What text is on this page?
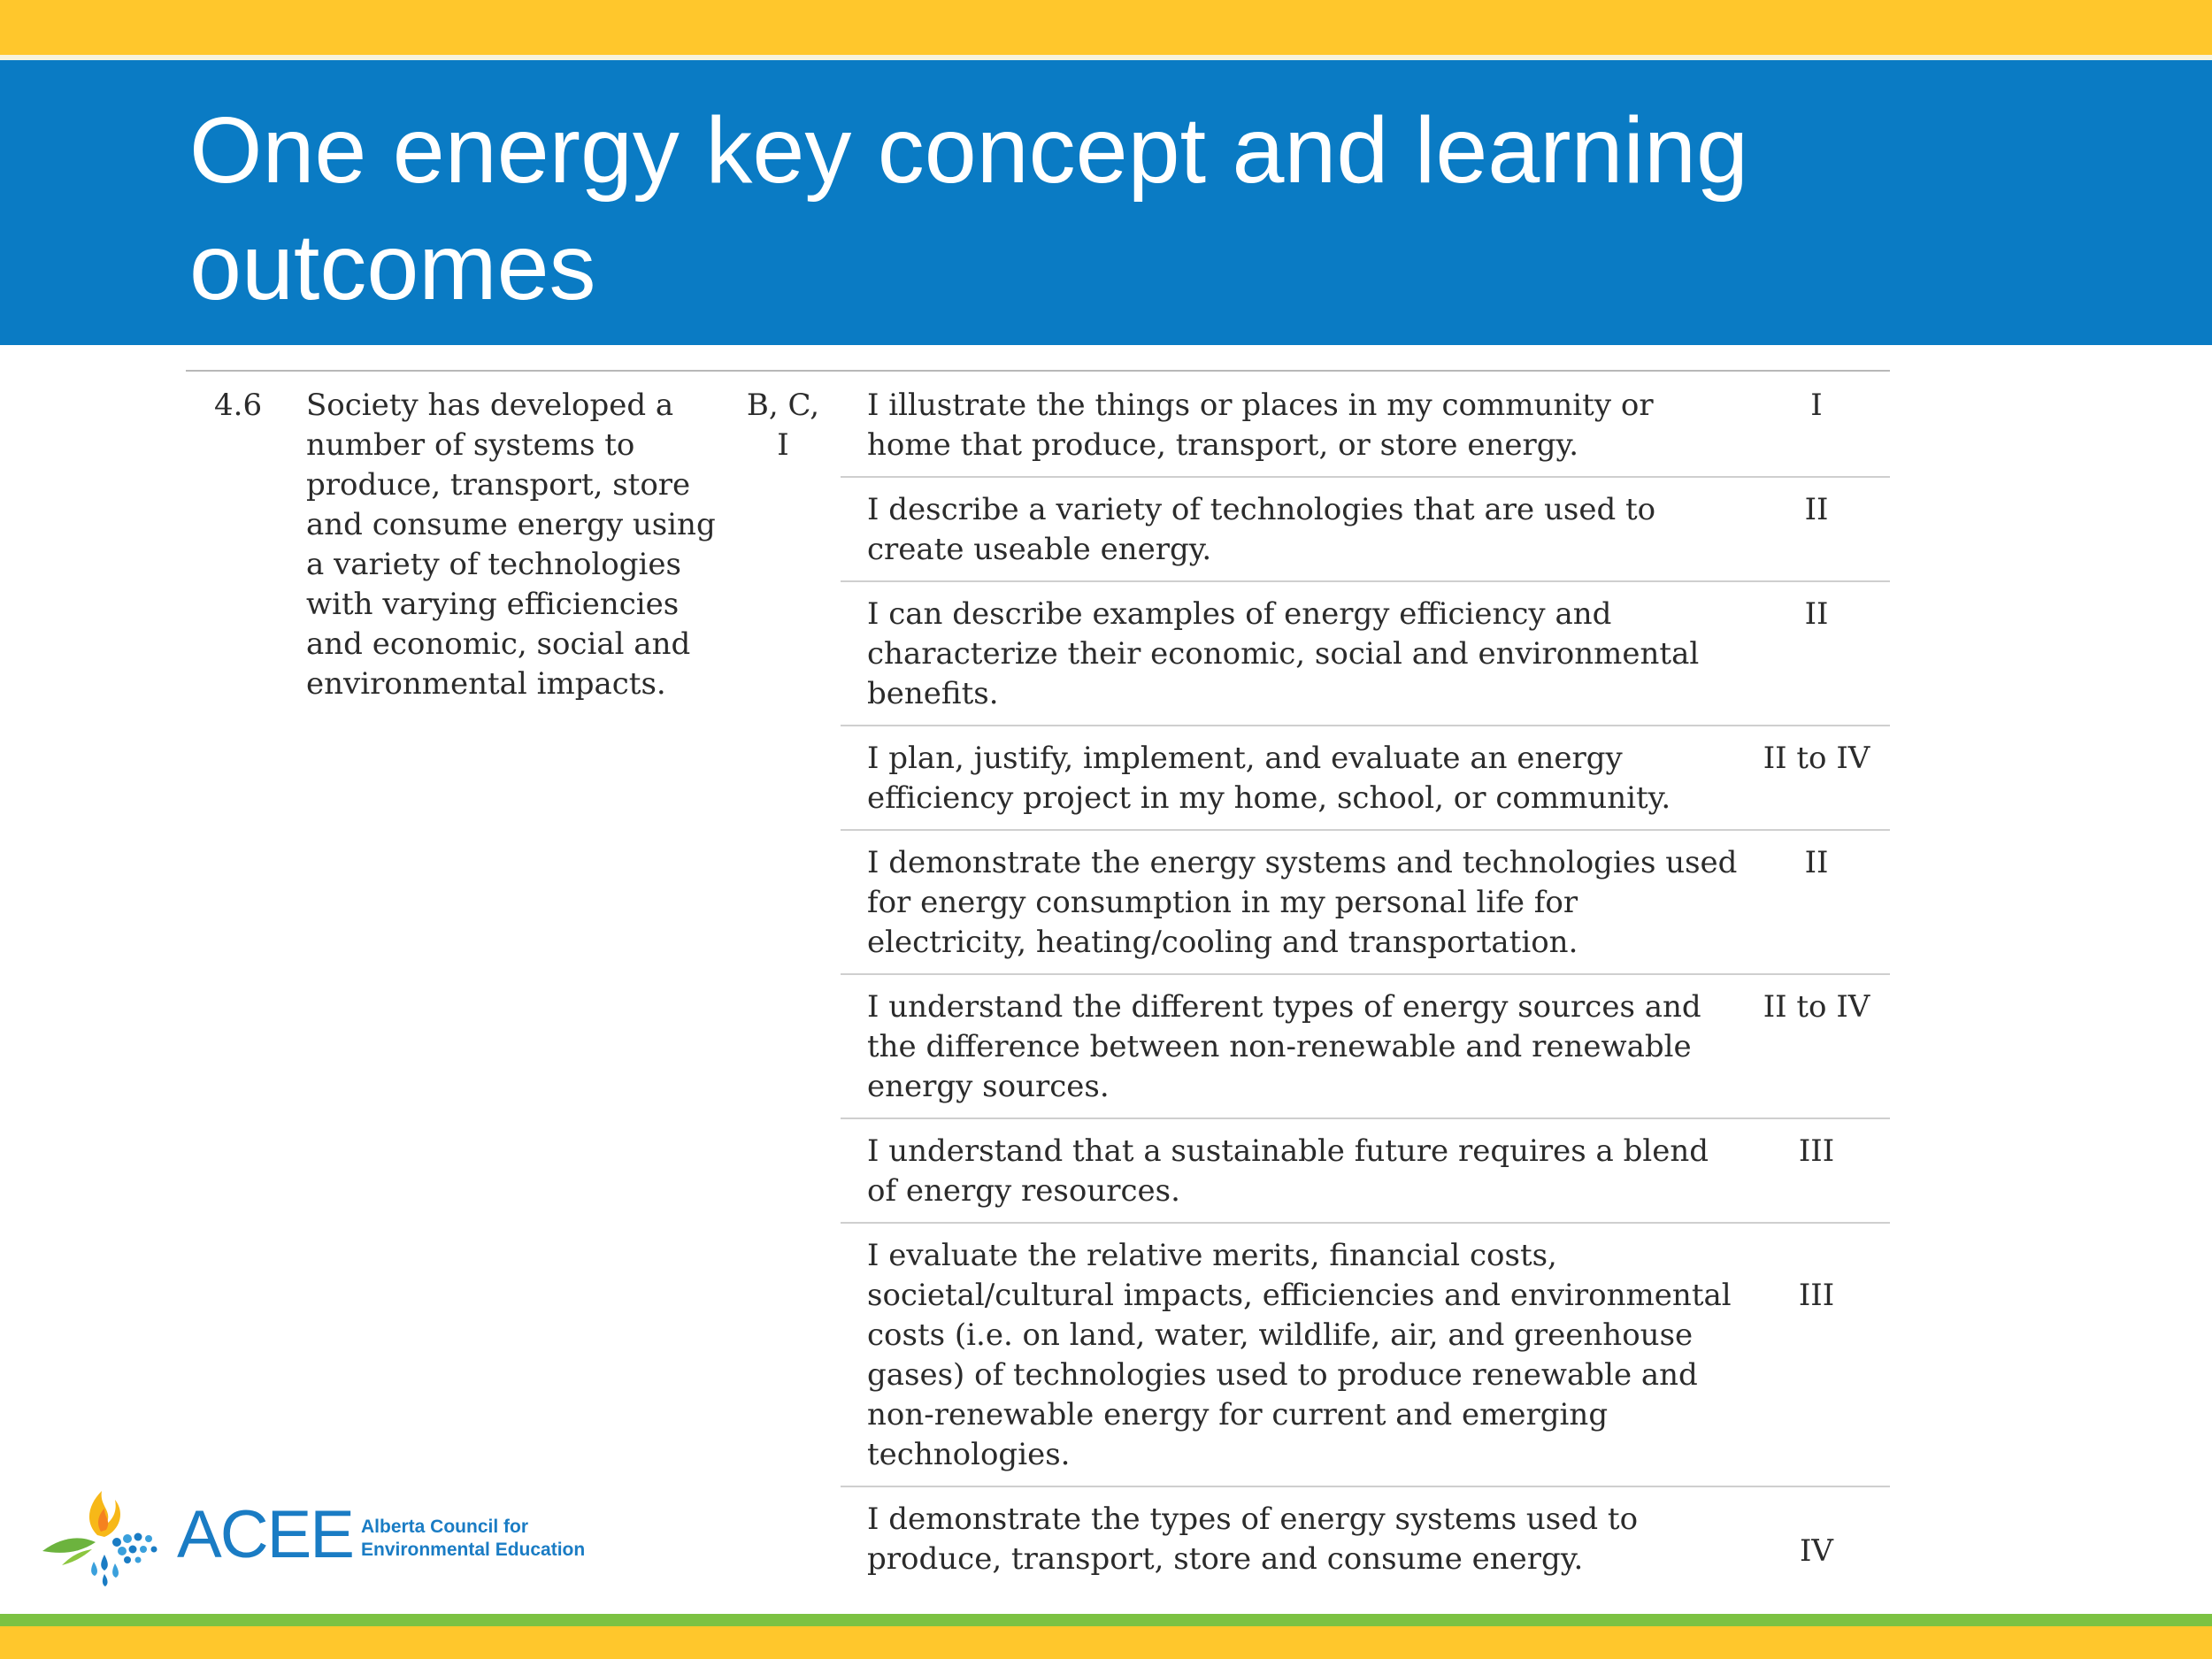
One energy key concept and learning outcomes
4.6 Society has developed a number of systems to produce, transport, store and consume energy using a variety of technologies with varying efficiencies and economic, social and environmental impacts.
B, C, I
I illustrate the things or places in my community or home that produce, transport, or store energy.
I
I describe a variety of technologies that are used to create useable energy.
II
I can describe examples of energy efficiency and characterize their economic, social and environmental benefits.
II
I plan, justify, implement, and evaluate an energy efficiency project in my home, school, or community.
II to IV
I demonstrate the energy systems and technologies used for energy consumption in my personal life for electricity, heating/cooling and transportation.
II
I understand the different types of energy sources and the difference between non-renewable and renewable energy sources.
II to IV
I understand that a sustainable future requires a blend of energy resources.
III
I evaluate the relative merits, financial costs, societal/cultural impacts, efficiencies and environmental costs (i.e. on land, water, wildlife, air, and greenhouse gases) of technologies used to produce renewable and non-renewable energy for current and emerging technologies.
III
I demonstrate the types of energy systems used to produce, transport, store and consume energy.	IV
ACEE Alberta Council for
Environmental Education
